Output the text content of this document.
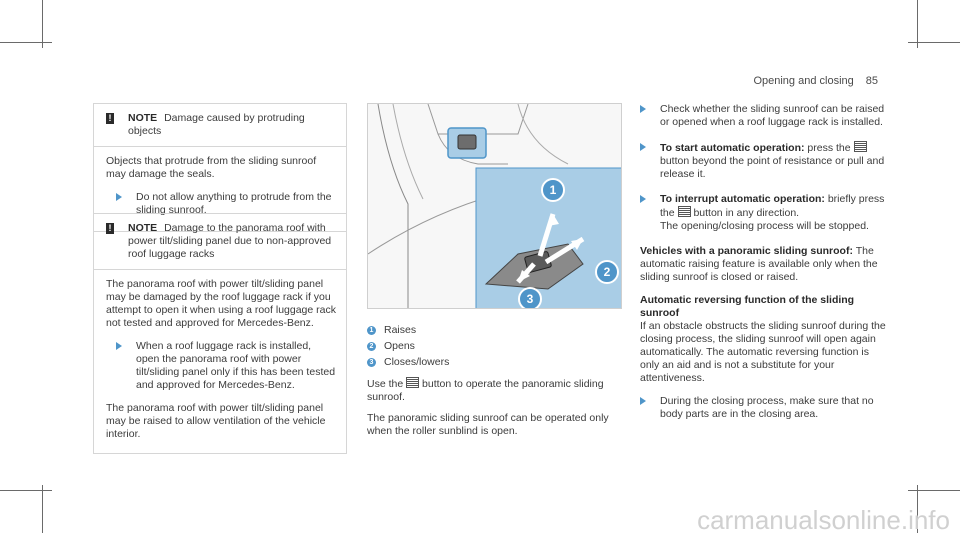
Opening and closing 85
! NOTE Damage caused by protruding objects

Objects that protrude from the sliding sunroof may damage the seals.

Do not allow anything to protrude from the sliding sunroof.
! NOTE Damage to the panorama roof with power tilt/sliding panel due to non-approved roof luggage racks

The panorama roof with power tilt/sliding panel may be damaged by the roof luggage rack if you attempt to open it when using a roof luggage rack not tested and approved for Mercedes-Benz.

When a roof luggage rack is installed, open the panorama roof with power tilt/sliding panel only if this has been tested and approved for Mercedes-Benz.

The panorama roof with power tilt/sliding panel may be raised to allow ventilation of the vehicle interior.

1
2
3
1 Raises
2 Opens
3 Closes/lowers

Use the button to operate the panoramic sliding sunroof.

The panoramic sliding sunroof can be operated only when the roller sunblind is open.

Check whether the sliding sunroof can be raised or opened when a roof luggage rack is installed.
To start automatic operation: press the  button beyond the point of resistance or pull and release it.
To interrupt automatic operation: briefly press the button in any direction.
The opening/closing process will be stopped.

Vehicles with a panoramic sliding sunroof: The automatic raising feature is available only when the sliding sunroof is closed or raised.

Automatic reversing function of the sliding sunroof
If an obstacle obstructs the sliding sunroof during the closing process, the sliding sunroof will open again automatically. The automatic reversing function is only an aid and is not a substitute for your attentiveness.

During the closing process, make sure that no body parts are in the closing area.
carmanualsonline.info
